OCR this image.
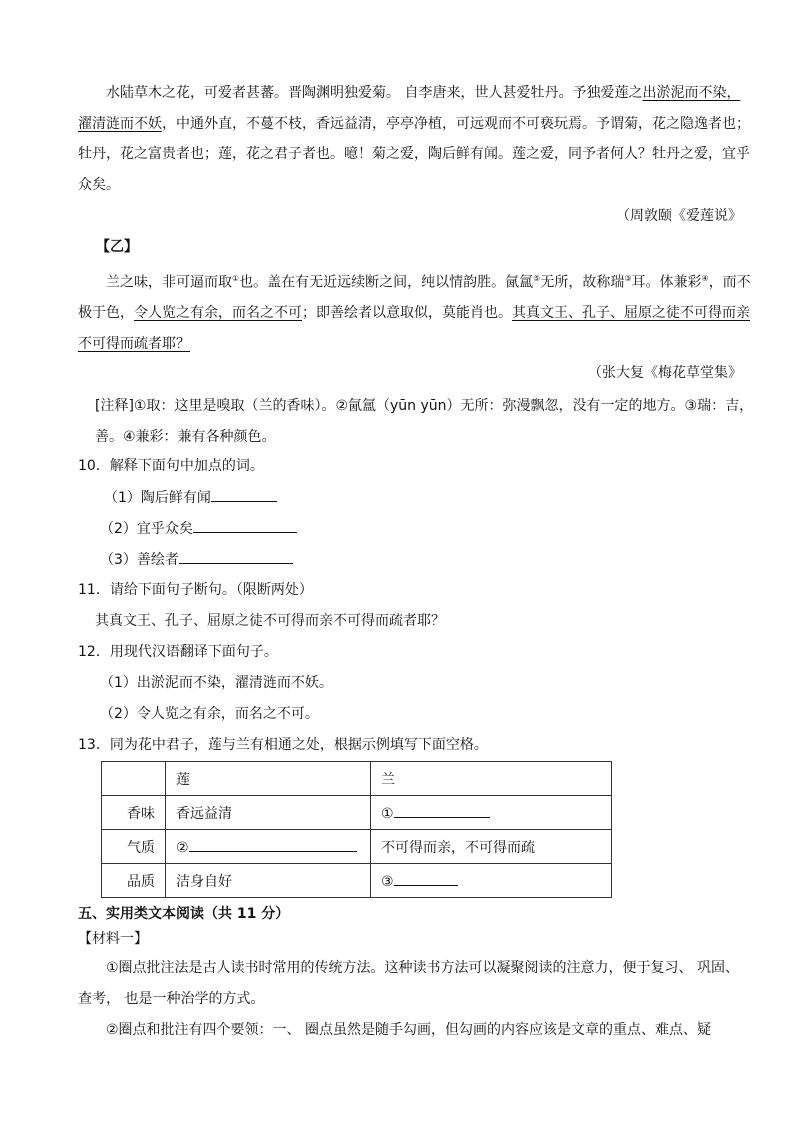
水陆草木之花，可爱者甚蕃。晋陶渊明独爱菊。 自李唐来，世人甚爱牡丹。予独爱莲之出淤泥而不染，濯清涟而不妖，中通外直，不蔓不枝，香远益清，亭亭净植，可远观而不可亵玩焉。予谓菊，花之隐逸者也；牡丹，花之富贵者也；莲，花之君子者也。噫！菊之爱，陶后鲜有闻。莲之爱，同予者何人？牡丹之爱，宜乎众矣。

（周敦颐《爱莲说》
【乙】

兰之味，非可逼而取①也。盖在有无近远续断之间，纯以情韵胜。氤氲⑤无所，故称瑞③耳。体兼彩④，而不极于色，令人览之有余，而名之不可；即善绘者以意取似，莫能肖也。其真文王、孔子、屈原之徒不可得而亲不可得而疏者耶？

（张大复《梅花草堂集》

[注释]①取：这里是嗅取（兰的香味）。②氤氲（yūn yūn）无所：弥漫飘忽，没有一定的地方。③瑞：吉，善。④兼彩：兼有各种颜色。

10．解释下面句中加点的词。
（1）陶后鲜有闻
（2）宜乎众矣
（3）善绘者
11．请给下面句子断句。（限断两处）
其真文王、孔子、屈原之徒不可得而亲不可得而疏者耶？
12．用现代汉语翻译下面句子。
（1）出淤泥而不染，濯清涟而不妖。
（2）令人览之有余，而名之不可。
13．同为花中君子，莲与兰有相通之处，根据示例填写下面空格。
	莲	兰
香味	香远益清	①
气质	②	不可得而亲，不可得而疏
品质	洁身自好	③
五、实用类文本阅读（共 11 分）
【材料一】

①圈点批注法是古人读书时常用的传统方法。这种读书方法可以凝聚阅读的注意力，便于复习、 巩固、 查考， 也是一种治学的方式。

②圈点和批注有四个要领：一、 圈点虽然是随手勾画，但勾画的内容应该是文章的重点、难点、疑
